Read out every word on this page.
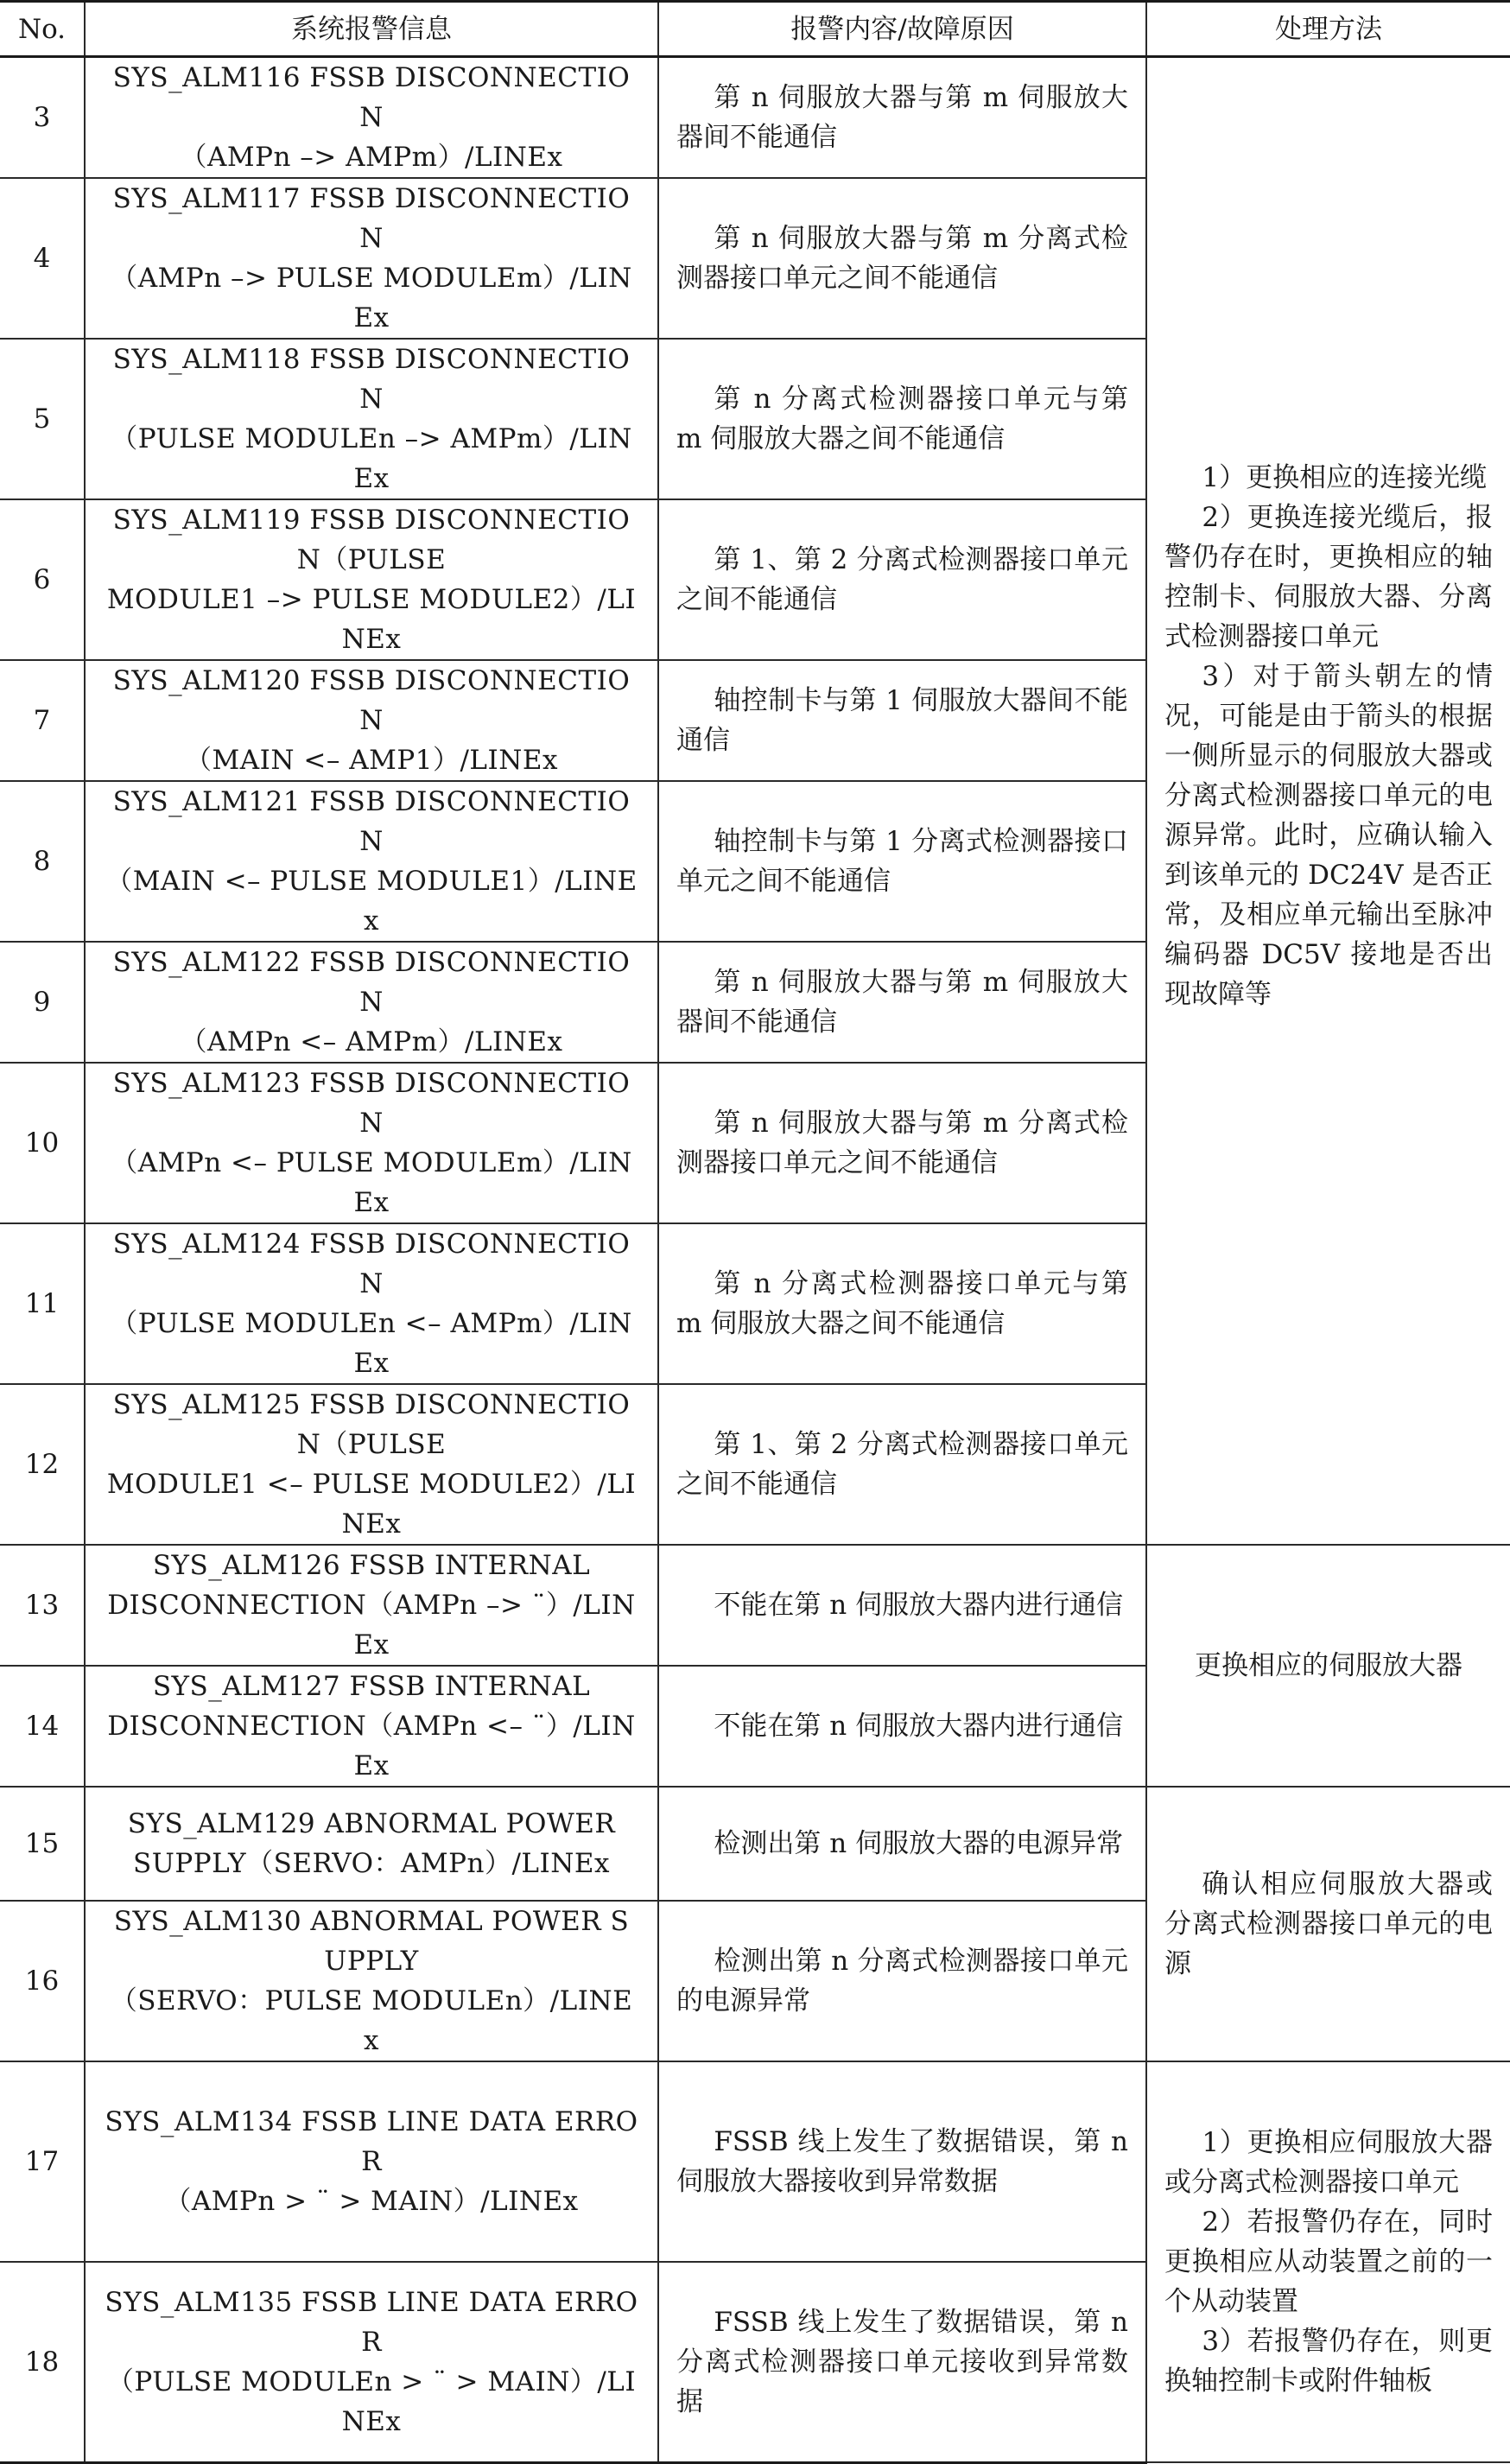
No.	系统报警信息	报警内容/故障原因	处理方法
3	SYS_ALM116 FSSB DISCONNECTION
（AMPn –> AMPm）/LINEx	第 n 伺服放大器与第 m 伺服放大器间不能通信	1）更换相应的连接光缆
2）更换连接光缆后，报警仍存在时，更换相应的轴控制卡、伺服放大器、分离式检测器接口单元
3）对于箭头朝左的情况，可能是由于箭头的根据一侧所显示的伺服放大器或分离式检测器接口单元的电源异常。此时，应确认输入到该单元的 DC24V 是否正常，及相应单元输出至脉冲编码器 DC5V 接地是否出现故障等

4	SYS_ALM117 FSSB DISCONNECTION
（AMPn –> PULSE MODULEm）/LINEx	第 n 伺服放大器与第 m 分离式检测器接口单元之间不能通信	

5	SYS_ALM118 FSSB DISCONNECTION
（PULSE MODULEn –> AMPm）/LINEx	第 n 分离式检测器接口单元与第 m 伺服放大器之间不能通信	

6	SYS_ALM119 FSSB DISCONNECTION（PULSE
MODULE1 –> PULSE MODULE2）/LINEx	第 1、第 2 分离式检测器接口单元之间不能通信	

7	SYS_ALM120 FSSB DISCONNECTION
（MAIN <– AMP1）/LINEx	轴控制卡与第 1 伺服放大器间不能通信	

8	SYS_ALM121 FSSB DISCONNECTION
（MAIN <– PULSE MODULE1）/LINEx	轴控制卡与第 1 分离式检测器接口单元之间不能通信	

9	SYS_ALM122 FSSB DISCONNECTION
（AMPn <– AMPm）/LINEx	第 n 伺服放大器与第 m 伺服放大器间不能通信	

10	SYS_ALM123 FSSB DISCONNECTION
（AMPn <– PULSE MODULEm）/LINEx	第 n 伺服放大器与第 m 分离式检测器接口单元之间不能通信	

11	SYS_ALM124 FSSB DISCONNECTION
（PULSE MODULEn <– AMPm）/LINEx	第 n 分离式检测器接口单元与第 m 伺服放大器之间不能通信	

12	SYS_ALM125 FSSB DISCONNECTION（PULSE
MODULE1 <– PULSE MODULE2）/LINEx	第 1、第 2 分离式检测器接口单元之间不能通信	

13	SYS_ALM126 FSSB INTERNAL
DISCONNECTION（AMPn –> ¨）/LINEx	不能在第 n 伺服放大器内进行通信	更换相应的伺服放大器
14	SYS_ALM127 FSSB INTERNAL
DISCONNECTION（AMPn <– ¨）/LINEx	不能在第 n 伺服放大器内进行通信	

15	SYS_ALM129 ABNORMAL POWER
SUPPLY（SERVO：AMPn）/LINEx	检测出第 n 伺服放大器的电源异常	确认相应伺服放大器或分离式检测器接口单元的电源

16	SYS_ALM130 ABNORMAL POWER SUPPLY
（SERVO：PULSE MODULEn）/LINEx	检测出第 n 分离式检测器接口单元的电源异常	

17	SYS_ALM134 FSSB LINE DATA ERROR
（AMPn > ¨ > MAIN）/LINEx	FSSB 线上发生了数据错误，第 n 伺服放大器接收到异常数据	1）更换相应伺服放大器或分离式检测器接口单元
2）若报警仍存在，同时更换相应从动装置之前的一个从动装置
3）若报警仍存在，则更换轴控制卡或附件轴板

18	SYS_ALM135 FSSB LINE DATA ERROR
（PULSE MODULEn > ¨ > MAIN）/LINEx	FSSB 线上发生了数据错误，第 n 分离式检测器接口单元接收到异常数据	
